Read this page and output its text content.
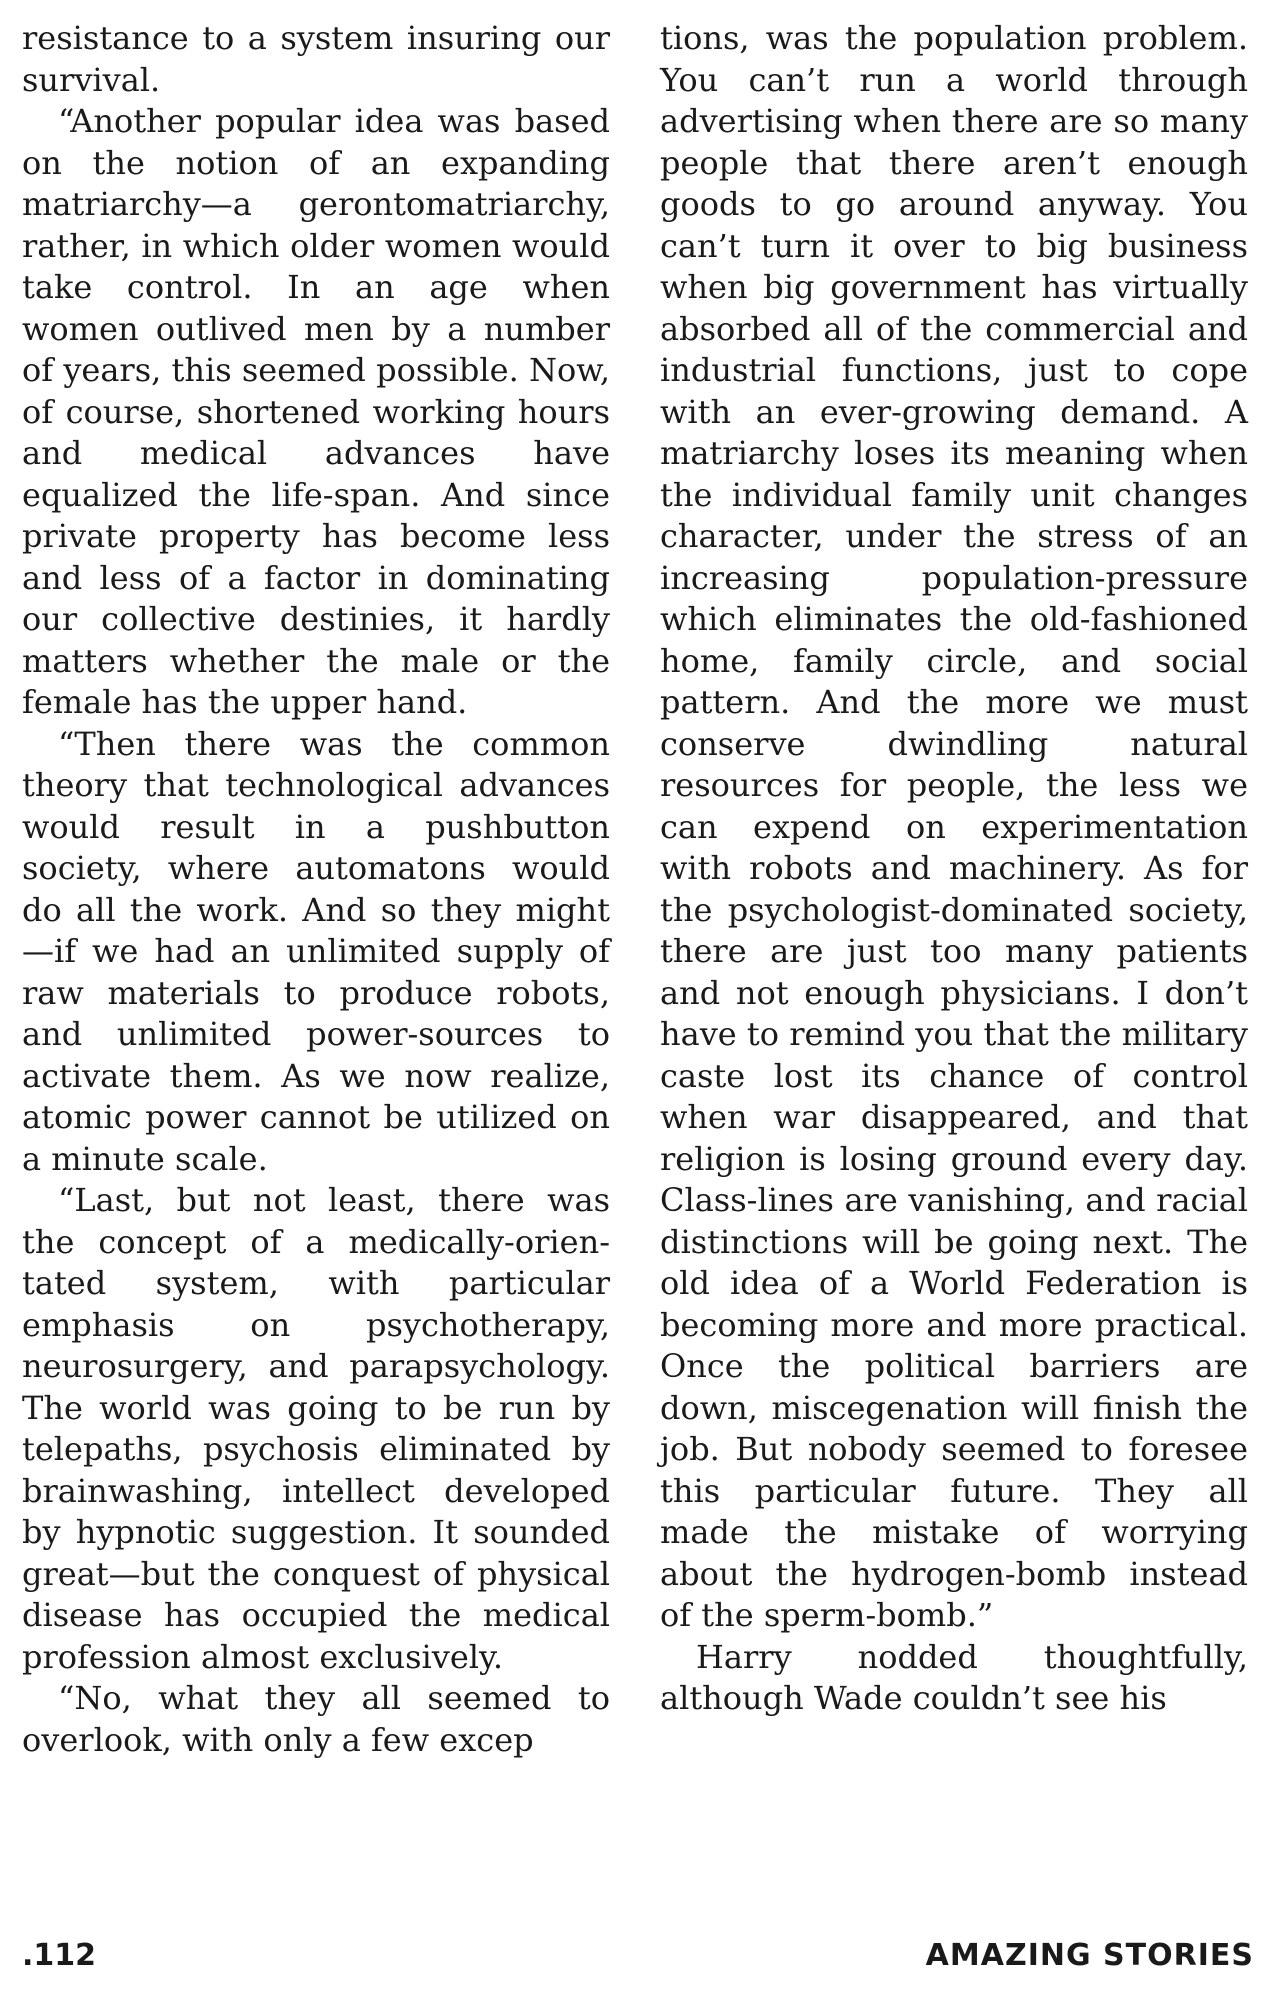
resistance to a system insuring our survival.

“Another popular idea was based on the notion of an expanding matriarchy—a gerontomatriarchy, rather, in which older women would take control. In an age when women outlived men by a number of years, this seemed possible. Now, of course, shortened working hours and medical advances have equalized the life-span. And since private property has become less and less of a factor in dominating our collective destinies, it hardly matters whether the male or the female has the upper hand.

“Then there was the common theory that technological advances would result in a pushbutton society, where automatons would do all the work. And so they might—if we had an unlimited supply of raw materials to produce robots, and unlimited power-sources to activate them. As we now realize, atomic power cannot be utilized on a minute scale.

“Last, but not least, there was the concept of a medically-orientated system, with particular emphasis on psychotherapy, neurosurgery, and parapsychology. The world was going to be run by telepaths, psychosis eliminated by brainwashing, intellect developed by hypnotic suggestion. It sounded great—but the conquest of physical disease has occupied the medical profession almost exclusively.

“No, what they all seemed to overlook, with only a few excep

tions, was the population problem. You can’t run a world through advertising when there are so many people that there aren’t enough goods to go around anyway. You can’t turn it over to big business when big government has virtually absorbed all of the commercial and industrial functions, just to cope with an ever-growing demand. A matriarchy loses its meaning when the individual family unit changes character, under the stress of an increasing population-pressure which eliminates the old-fashioned home, family circle, and social pattern. And the more we must conserve dwindling natural resources for people, the less we can expend on experimentation with robots and machinery. As for the psychologist-dominated society, there are just too many patients and not enough physicians. I don’t have to remind you that the military caste lost its chance of control when war disappeared, and that religion is losing ground every day. Class-lines are vanishing, and racial distinctions will be going next. The old idea of a World Federation is becoming more and more practical. Once the political barriers are down, miscegenation will finish the job. But nobody seemed to foresee this particular future. They all made the mistake of worrying about the hydrogen-bomb instead of the sperm-bomb.”

Harry nodded thoughtfully, although Wade couldn’t see his

.112	AMAZING STORIES
